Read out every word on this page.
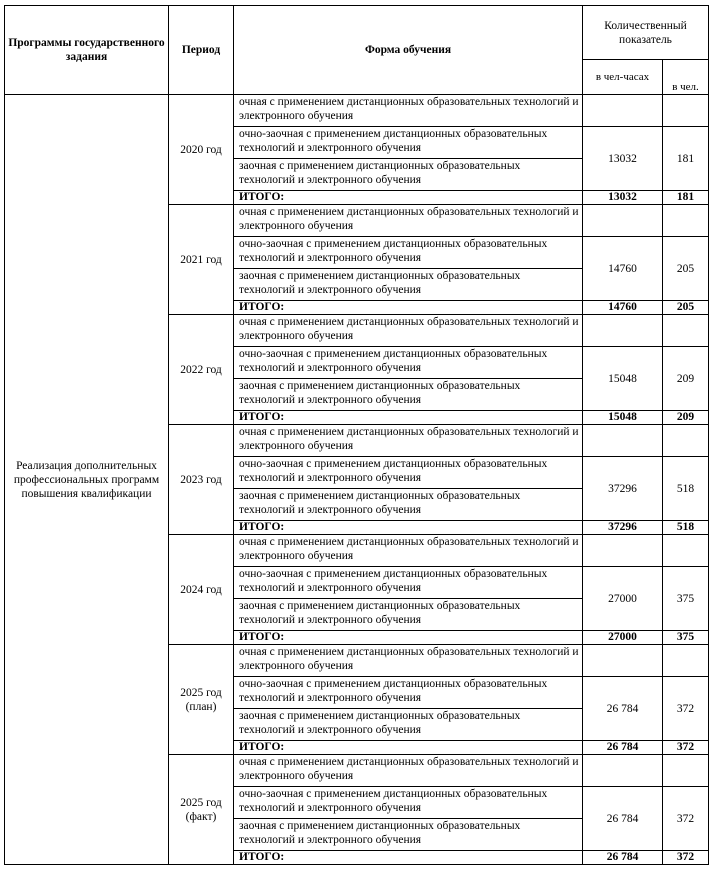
Программы государственного задания	Период	Форма обучения	Количественный показатель	
			в чел-часах	в чел.
Реализация дополнительных профессиональных программ повышения квалификации	2020 год	очная с применением дистанционных образовательных технологий и электронного обучения		
		очно-заочная с применением дистанционных образовательных технологий и электронного обучения	13032	181
		заочная с применением дистанционных образовательных технологий и электронного обучения		
		ИТОГО:	13032	181
	2021 год	очная с применением дистанционных образовательных технологий и электронного обучения		
		очно-заочная с применением дистанционных образовательных технологий и электронного обучения	14760	205
		заочная с применением дистанционных образовательных технологий и электронного обучения		
		ИТОГО:	14760	205
	2022 год	очная с применением дистанционных образовательных технологий и электронного обучения		
		очно-заочная с применением дистанционных образовательных технологий и электронного обучения	15048	209
		заочная с применением дистанционных образовательных технологий и электронного обучения		
		ИТОГО:	15048	209
	2023 год	очная с применением дистанционных образовательных технологий и электронного обучения		
		очно-заочная с применением дистанционных образовательных технологий и электронного обучения	37296	518
		заочная с применением дистанционных образовательных технологий и электронного обучения		
		ИТОГО:	37296	518
	2024 год	очная с применением дистанционных образовательных технологий и электронного обучения		
		очно-заочная с применением дистанционных образовательных технологий и электронного обучения	27000	375
		заочная с применением дистанционных образовательных технологий и электронного обучения		
		ИТОГО:	27000	375
	2025 год (план)	очная с применением дистанционных образовательных технологий и электронного обучения		
		очно-заочная с применением дистанционных образовательных технологий и электронного обучения	26 784	372
		заочная с применением дистанционных образовательных технологий и электронного обучения		
		ИТОГО:	26 784	372
	2025 год (факт)	очная с применением дистанционных образовательных технологий и электронного обучения		
		очно-заочная с применением дистанционных образовательных технологий и электронного обучения	26 784	372
		заочная с применением дистанционных образовательных технологий и электронного обучения		
		ИТОГО:	26 784	372
